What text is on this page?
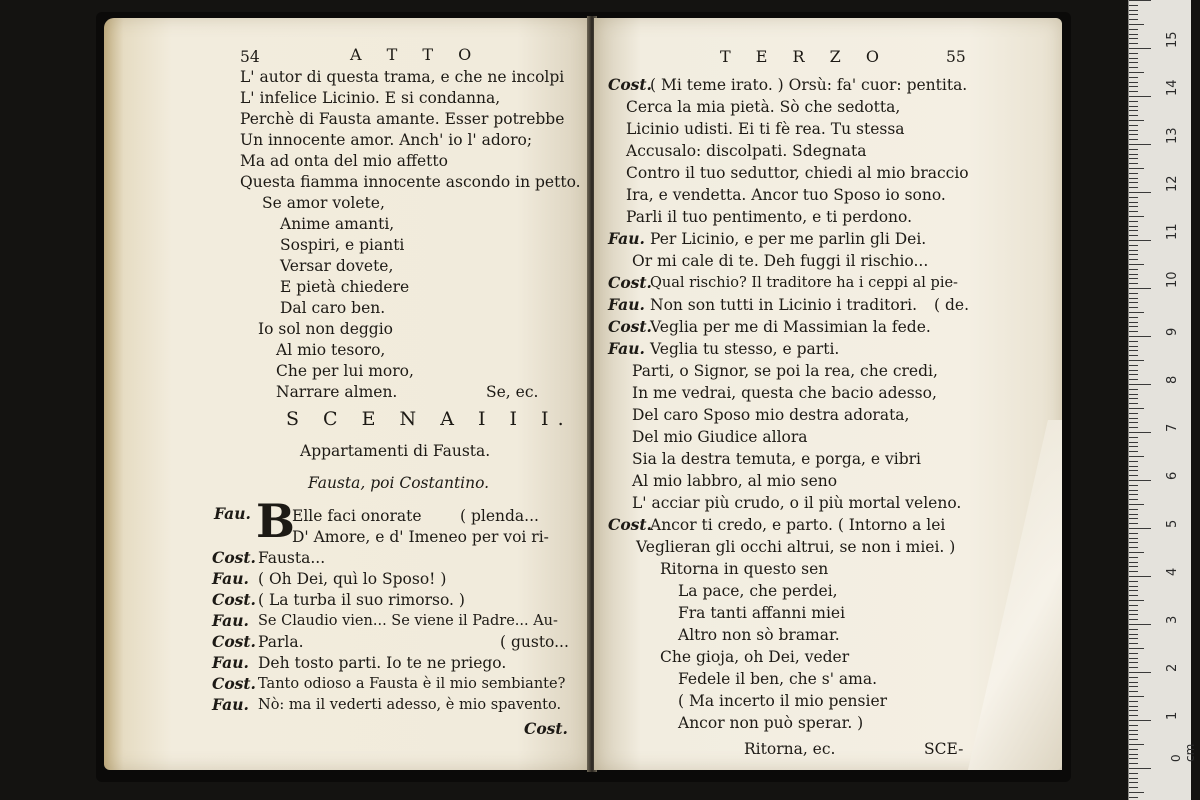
54	A T T O
L' autor di questa trama, e che ne incolpi
L' infelice Licinio. E si condanna,
Perchè di Fausta amante. Esser potrebbe
Un innocente amor. Anch' io l' adoro;
Ma ad onta del mio affetto
Questa fiamma innocente ascondo in petto.
Se amor volete,
Anime amanti,
Sospiri, e pianti
Versar dovete,
E pietà chiedere
Dal caro ben.
Io sol non deggio
Al mio tesoro,
Che per lui moro,
Narrare almen.	Se, ec.
S C E N A I I I.
Appartamenti di Fausta.
Fausta, poi Costantino.
Fau. B
Elle faci onorate ( plenda...
D' Amore, e d' Imeneo per voi ri-
Cost. Fausta...
Fau. ( Oh Dei, quì lo Sposo! )
Cost. ( La turba il suo rimorso. )
Fau. Se Claudio vien... Se viene il Padre... Au-
Cost. Parla.	( gusto...
Fau. Deh tosto parti. Io te ne priego.
Cost. Tanto odioso a Fausta è il mio sembiante?
Fau. Nò: ma il vederti adesso, è mio spavento.
Cost.
T E R Z O	55
Cost.
( Mi teme irato. ) Orsù: fa' cuor: pentita.
Cerca la mia pietà. Sò che sedotta,
Licinio udisti. Ei ti fè rea. Tu stessa
Accusalo: discolpati. Sdegnata
Contro il tuo seduttor, chiedi al mio braccio
Ira, e vendetta. Ancor tuo Sposo io sono.
Parli il tuo pentimento, e ti perdono.
Fau. Per Licinio, e per me parlin gli Dei.
Or mi cale di te. Deh fuggi il rischio...
Cost.
Qual rischio? Il traditore ha i ceppi al pie-
Fau. Non son tutti in Licinio i traditori. ( de.
Cost.
Veglia per me di Massimian la fede.
Fau. Veglia tu stesso, e parti.
Parti, o Signor, se poi la rea, che credi,
In me vedrai, questa che bacio adesso,
Del caro Sposo mio destra adorata,
Del mio Giudice allora
Sia la destra temuta, e porga, e vibri
Al mio labbro, al mio seno
L' acciar più crudo, o il più mortal veleno.
Cost.
Ancor ti credo, e parto. ( Intorno a lei
Veglieran gli occhi altrui, se non i miei. )
Ritorna in questo sen
La pace, che perdei,
Fra tanti affanni miei
Altro non sò bramar.
Che gioja, oh Dei, veder
Fedele il ben, che s' ama.
( Ma incerto il mio pensier
Ancor non può sperar. )
Ritorna, ec.	SCE-
15
14
13
12
11
10
9
8
7
6
5
4
3
2
1
0 cm
